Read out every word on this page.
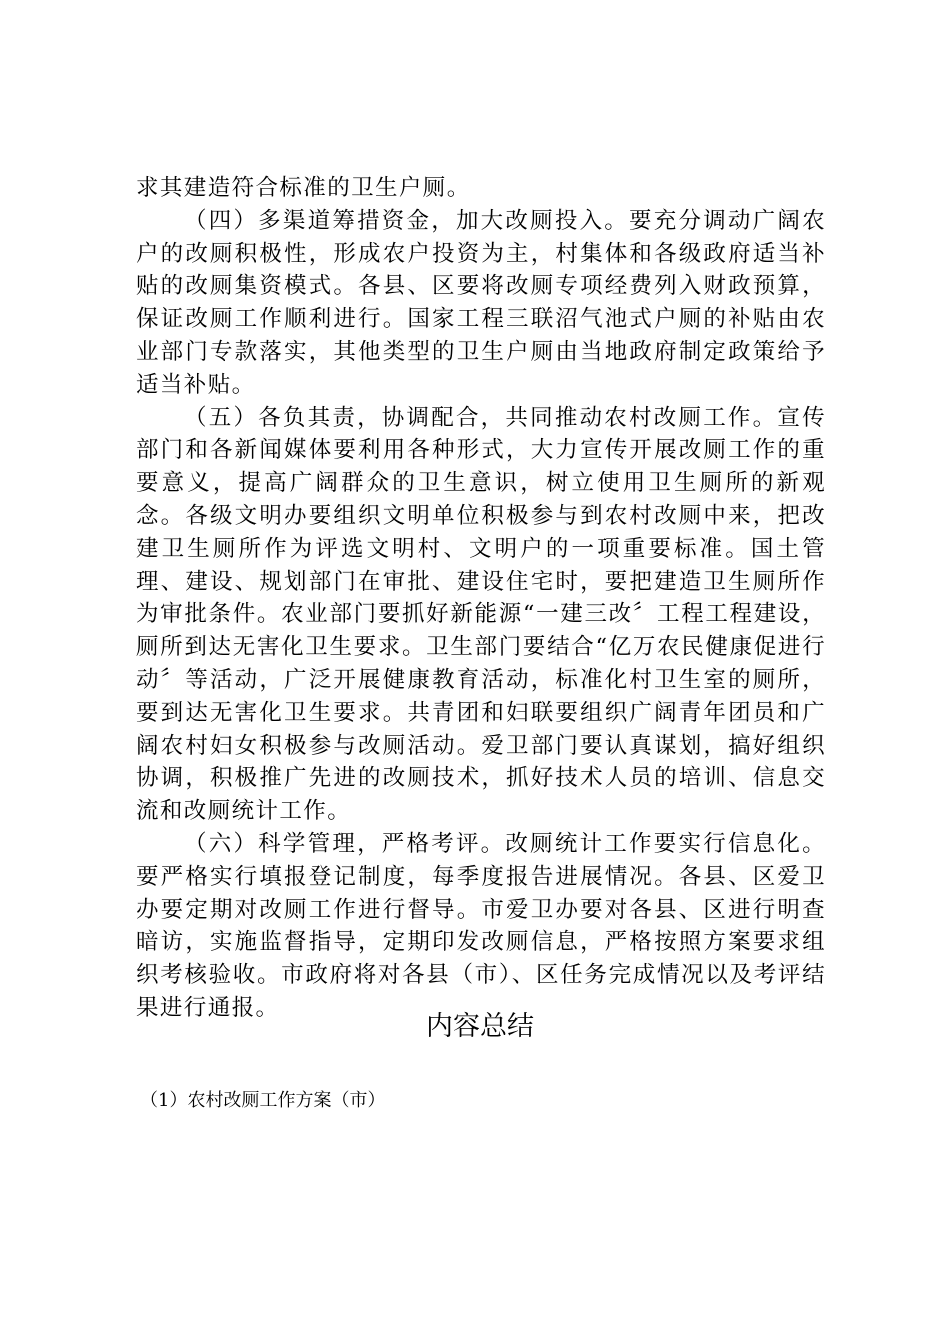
求其建造符合标准的卫生户厕。

（四）多渠道筹措资金，加大改厕投入。要充分调动广阔农户的改厕积极性，形成农户投资为主，村集体和各级政府适当补贴的改厕集资模式。各县、区要将改厕专项经费列入财政预算，保证改厕工作顺利进行。国家工程三联沼气池式户厕的补贴由农业部门专款落实，其他类型的卫生户厕由当地政府制定政策给予适当补贴。

（五）各负其责，协调配合，共同推动农村改厕工作。宣传部门和各新闻媒体要利用各种形式，大力宣传开展改厕工作的重要意义，提高广阔群众的卫生意识，树立使用卫生厕所的新观念。各级文明办要组织文明单位积极参与到农村改厕中来，把改建卫生厕所作为评选文明村、文明户的一项重要标准。国土管理、建设、规划部门在审批、建设住宅时，要把建造卫生厕所作为审批条件。农业部门要抓好新能源“一建三改〞工程工程建设，厕所到达无害化卫生要求。卫生部门要结合“亿万农民健康促进行动〞等活动，广泛开展健康教育活动，标准化村卫生室的厕所，要到达无害化卫生要求。共青团和妇联要组织广阔青年团员和广阔农村妇女积极参与改厕活动。爱卫部门要认真谋划，搞好组织协调，积极推广先进的改厕技术，抓好技术人员的培训、信息交流和改厕统计工作。

（六）科学管理，严格考评。改厕统计工作要实行信息化。要严格实行填报登记制度，每季度报告进展情况。各县、区爱卫办要定期对改厕工作进行督导。市爱卫办要对各县、区进行明查暗访，实施监督指导，定期印发改厕信息，严格按照方案要求组织考核验收。市政府将对各县（市）、区任务完成情况以及考评结果进行通报。

内容总结

（1）农村改厕工作方案（市）
